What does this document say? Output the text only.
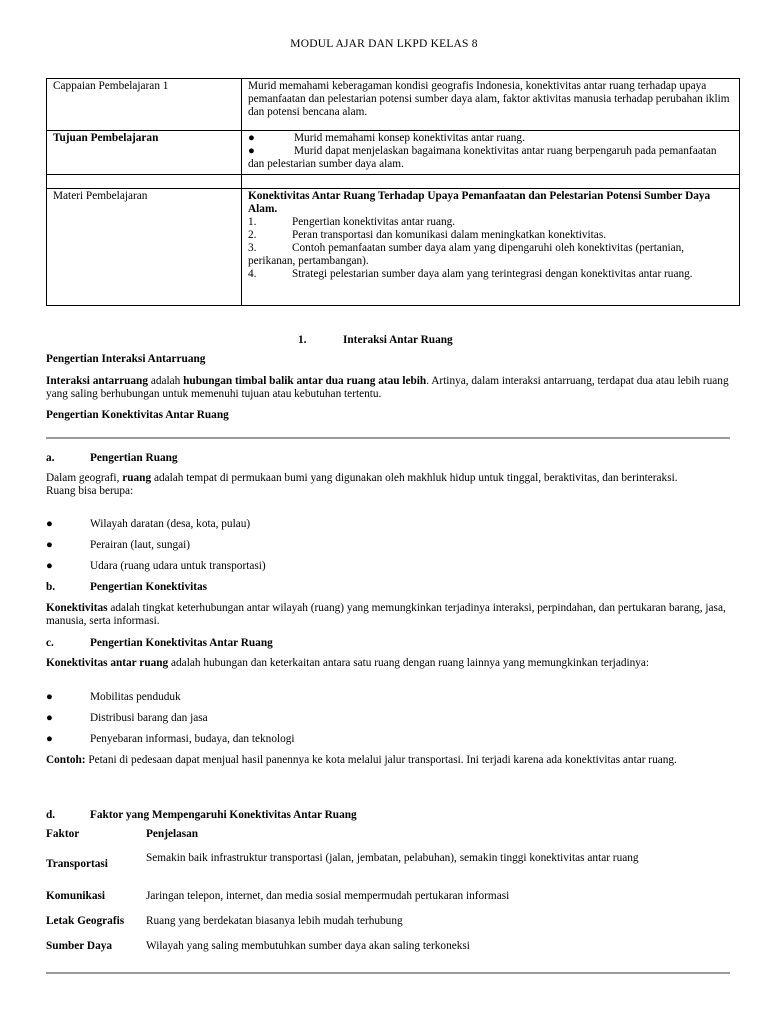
MODUL AJAR DAN LKPD KELAS 8
Cappaian Pembelajaran 1	Murid memahami keberagaman kondisi geografis Indonesia, konektivitas antar ruang terhadap upaya pemanfaatan dan pelestarian potensi sumber daya alam, faktor aktivitas manusia terhadap perubahan iklim dan potensi bencana alam.
Tujuan Pembelajaran	● Murid memahami konsep konektivitas antar ruang.
● Murid dapat menjelaskan bagaimana konektivitas antar ruang berpengaruh pada pemanfaatan dan pelestarian sumber daya alam.

Materi Pembelajaran	Konektivitas Antar Ruang Terhadap Upaya Pemanfaatan dan Pelestarian Potensi Sumber Daya Alam.
1. Pengertian konektivitas antar ruang.
2. Peran transportasi dan komunikasi dalam meningkatkan konektivitas.
3. Contoh pemanfaatan sumber daya alam yang dipengaruhi oleh konektivitas (pertanian, perikanan, pertambangan).
4. Strategi pelestarian sumber daya alam yang terintegrasi dengan konektivitas antar ruang.
1.	Interaksi Antar Ruang

Pengertian Interaksi Antarruang

Interaksi antarruang adalah hubungan timbal balik antar dua ruang atau lebih. Artinya, dalam interaksi antarruang, terdapat dua atau lebih ruang yang saling berhubungan untuk memenuhi tujuan atau kebutuhan tertentu.

Pengertian Konektivitas Antar Ruang

a.	Pengertian Ruang

Dalam geografi, ruang adalah tempat di permukaan bumi yang digunakan oleh makhluk hidup untuk tinggal, beraktivitas, dan berinteraksi.
Ruang bisa berupa:

●	Wilayah daratan (desa, kota, pulau)
●	Perairan (laut, sungai)
●	Udara (ruang udara untuk transportasi)
b.	Pengertian Konektivitas

Konektivitas adalah tingkat keterhubungan antar wilayah (ruang) yang memungkinkan terjadinya interaksi, perpindahan, dan pertukaran barang, jasa, manusia, serta informasi.

c.	Pengertian Konektivitas Antar Ruang

Konektivitas antar ruang adalah hubungan dan keterkaitan antara satu ruang dengan ruang lainnya yang memungkinkan terjadinya:

●	Mobilitas penduduk
●	Distribusi barang dan jasa
●	Penyebaran informasi, budaya, dan teknologi

Contoh: Petani di pedesaan dapat menjual hasil panennya ke kota melalui jalur transportasi. Ini terjadi karena ada konektivitas antar ruang.

d.	Faktor yang Mempengaruhi Konektivitas Antar Ruang
Faktor	Penjelasan
Transportasi	Semakin baik infrastruktur transportasi (jalan, jembatan, pelabuhan), semakin tinggi konektivitas antar ruang
Komunikasi	Jaringan telepon, internet, dan media sosial mempermudah pertukaran informasi
Letak Geografis	Ruang yang berdekatan biasanya lebih mudah terhubung
Sumber Daya	Wilayah yang saling membutuhkan sumber daya akan saling terkoneksi
